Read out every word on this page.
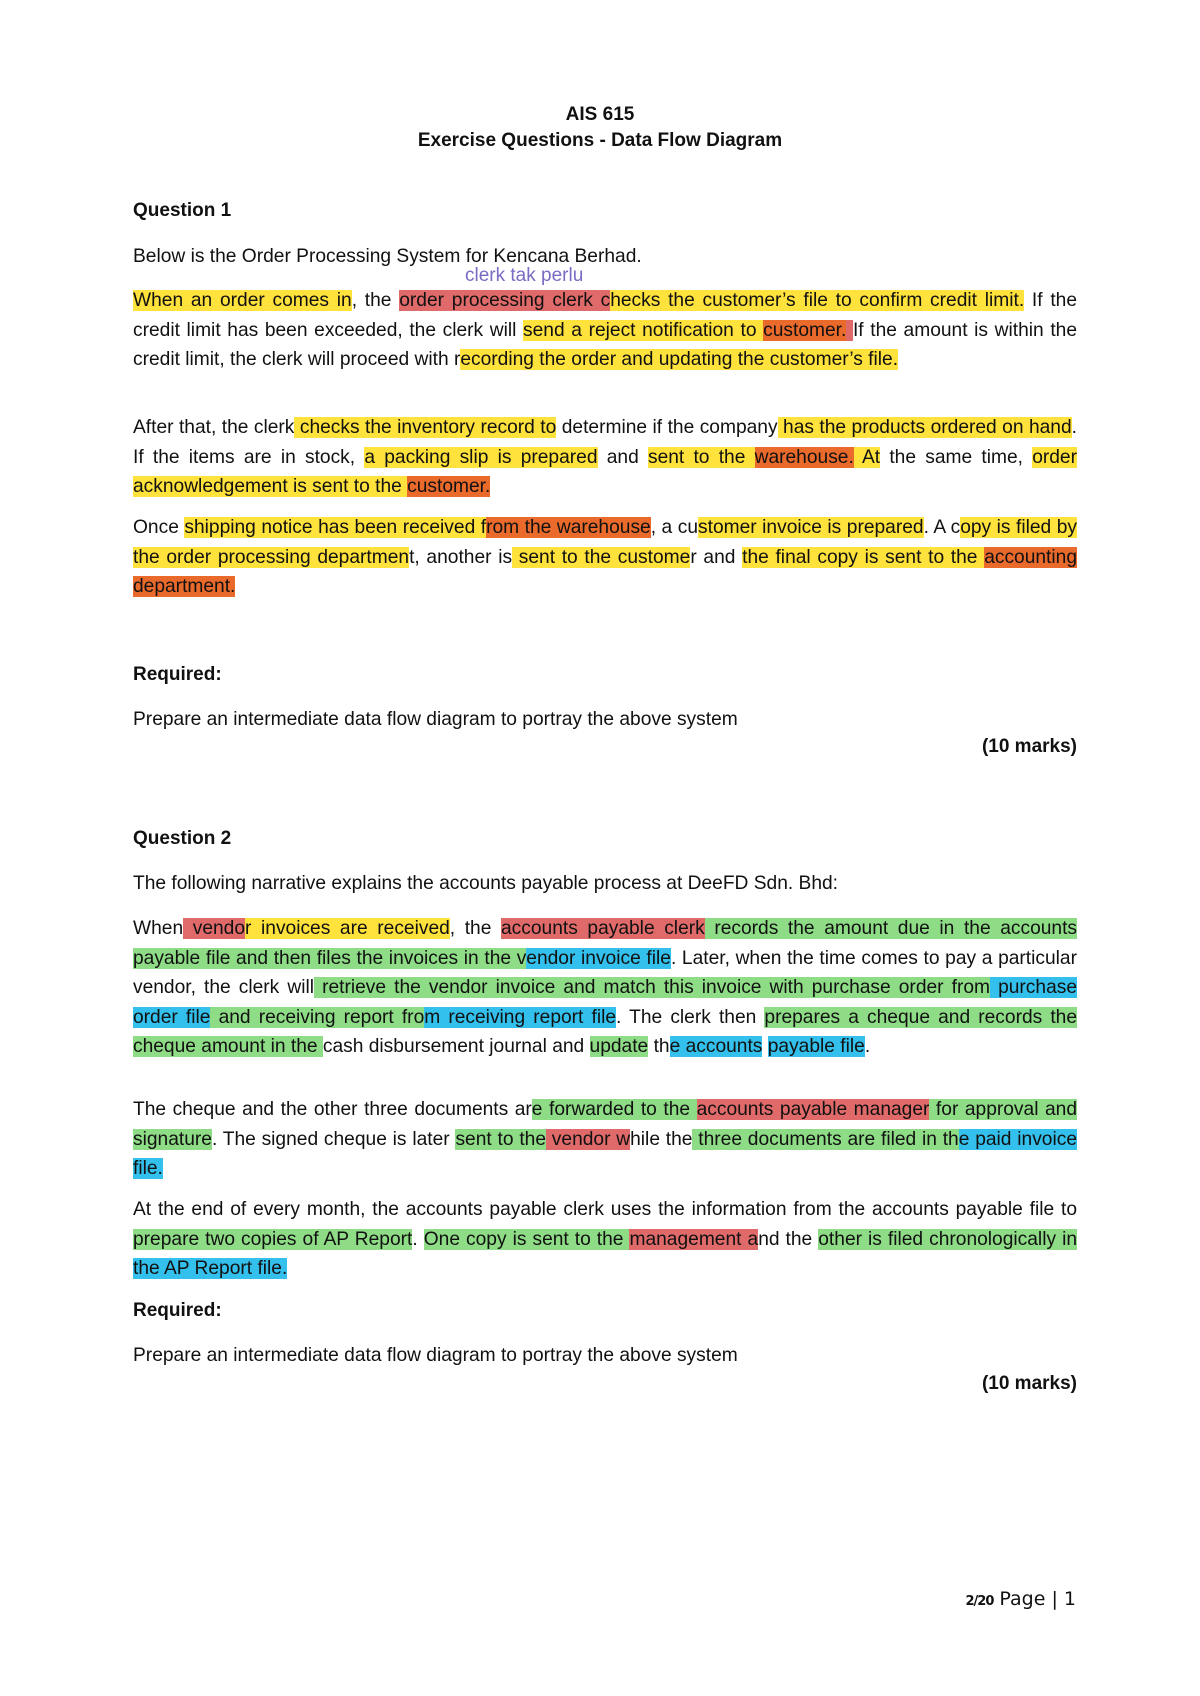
AIS 615
Exercise Questions - Data Flow Diagram
Question 1
Below is the Order Processing System for Kencana Berhad.
clerk tak perlu
When an order comes in, the order processing clerk checks the customer’s file to confirm credit limit. If the credit limit has been exceeded, the clerk will send a reject notification to customer. If the amount is within the credit limit, the clerk will proceed with recording the order and updating the customer’s file.
After that, the clerk checks the inventory record to determine if the company has the products ordered on hand. If the items are in stock, a packing slip is prepared and sent to the warehouse. At the same time, order acknowledgement is sent to the customer.
Once shipping notice has been received from the warehouse, a customer invoice is prepared. A copy is filed by the order processing department, another is sent to the customer and the final copy is sent to the accounting department.
Required:
Prepare an intermediate data flow diagram to portray the above system
(10 marks)
Question 2
The following narrative explains the accounts payable process at DeeFD Sdn. Bhd:
When vendor invoices are received, the accounts payable clerk records the amount due in the accounts payable file and then files the invoices in the vendor invoice file. Later, when the time comes to pay a particular vendor, the clerk will retrieve the vendor invoice and match this invoice with purchase order from purchase order file and receiving report from receiving report file. The clerk then prepares a cheque and records the cheque amount in the cash disbursement journal and update the accounts payable file.
The cheque and the other three documents are forwarded to the accounts payable manager for approval and signature. The signed cheque is later sent to the vendor while the three documents are filed in the paid invoice file.
At the end of every month, the accounts payable clerk uses the information from the accounts payable file to prepare two copies of AP Report. One copy is sent to the management and the other is filed chronologically in the AP Report file.
Required:
Prepare an intermediate data flow diagram to portray the above system
(10 marks)
2/20 Page | 1
